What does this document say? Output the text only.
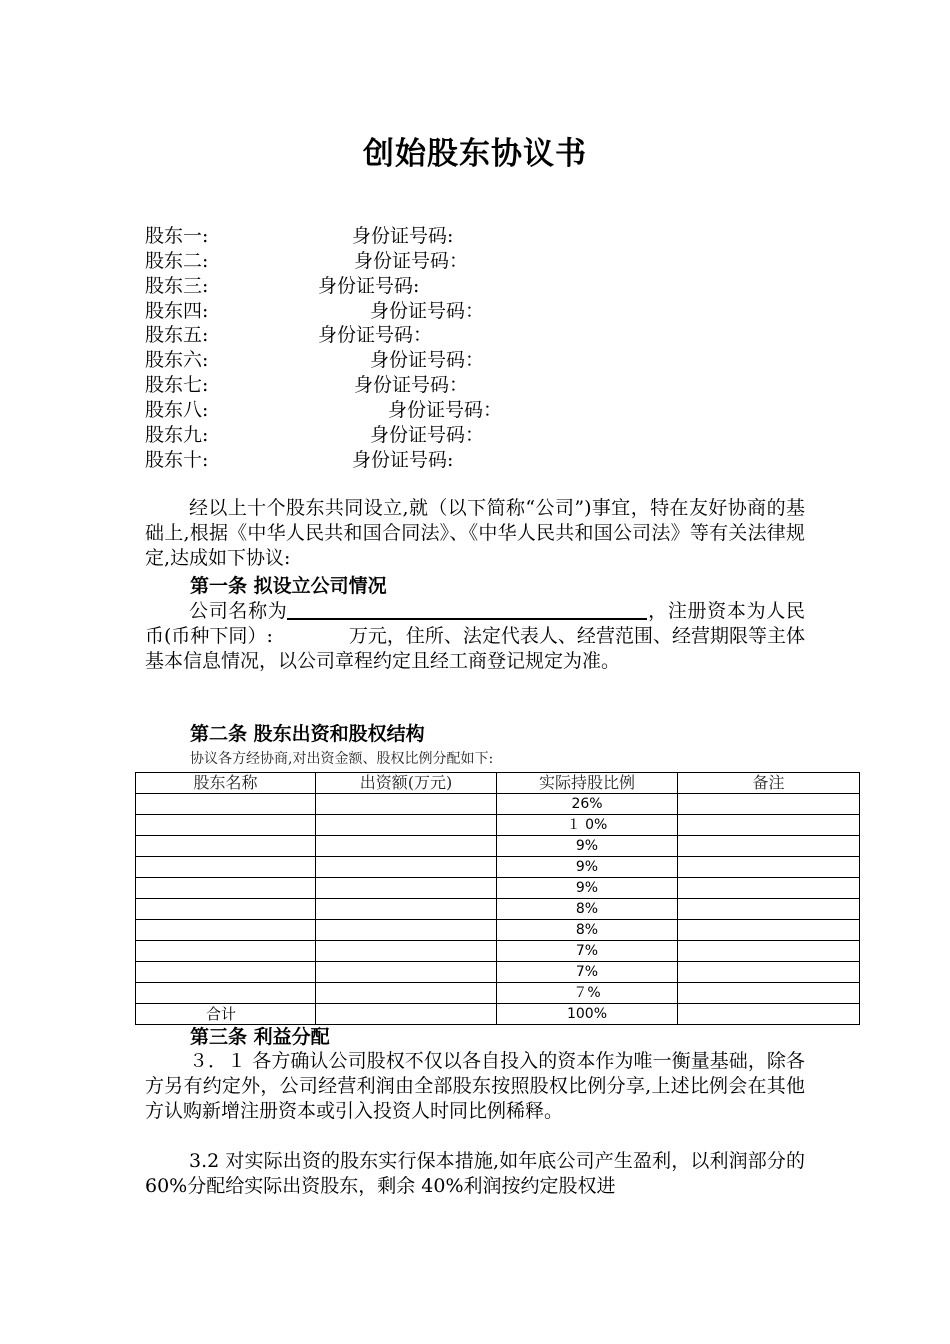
创始股东协议书
股东一:	身份证号码:
股东二:	身份证号码：
股东三:	身份证号码:
股东四:	身份证号码：
股东五:	身份证号码：
股东六:	身份证号码：
股东七:	身份证号码：
股东八:	身份证号码：
股东九:	身份证号码：
股东十:	身份证号码:
经以上十个股东共同设立,就（以下简称“公司”)事宜，特在友好协商的基础上,根据《中华人民共和国合同法》、《中华人民共和国公司法》等有关法律规定,达成如下协议:
第一条 拟设立公司情况
公司名称为	，注册资本为人民币(币种下同）:　　　　万元，住所、法定代表人、经营范围、经营期限等主体基本信息情况，以公司章程约定且经工商登记规定为准。
第二条 股东出资和股权结构
协议各方经协商,对出资金额、股权比例分配如下:
股东名称	出资额(万元)	实际持股比例	备注
		26%	
		１ 0%	
		9%	
		9%	
		9%	
		8%	
		8%	
		7%	
		7%	
		７%	
合计		100%	
第三条 利益分配
３．１ 各方确认公司股权不仅以各自投入的资本作为唯一衡量基础，除各方另有约定外，公司经营利润由全部股东按照股权比例分享,上述比例会在其他方认购新增注册资本或引入投资人时同比例稀释。
3.2 对实际出资的股东实行保本措施,如年底公司产生盈利，以利润部分的 60%分配给实际出资股东，剩余 40%利润按约定股权进
